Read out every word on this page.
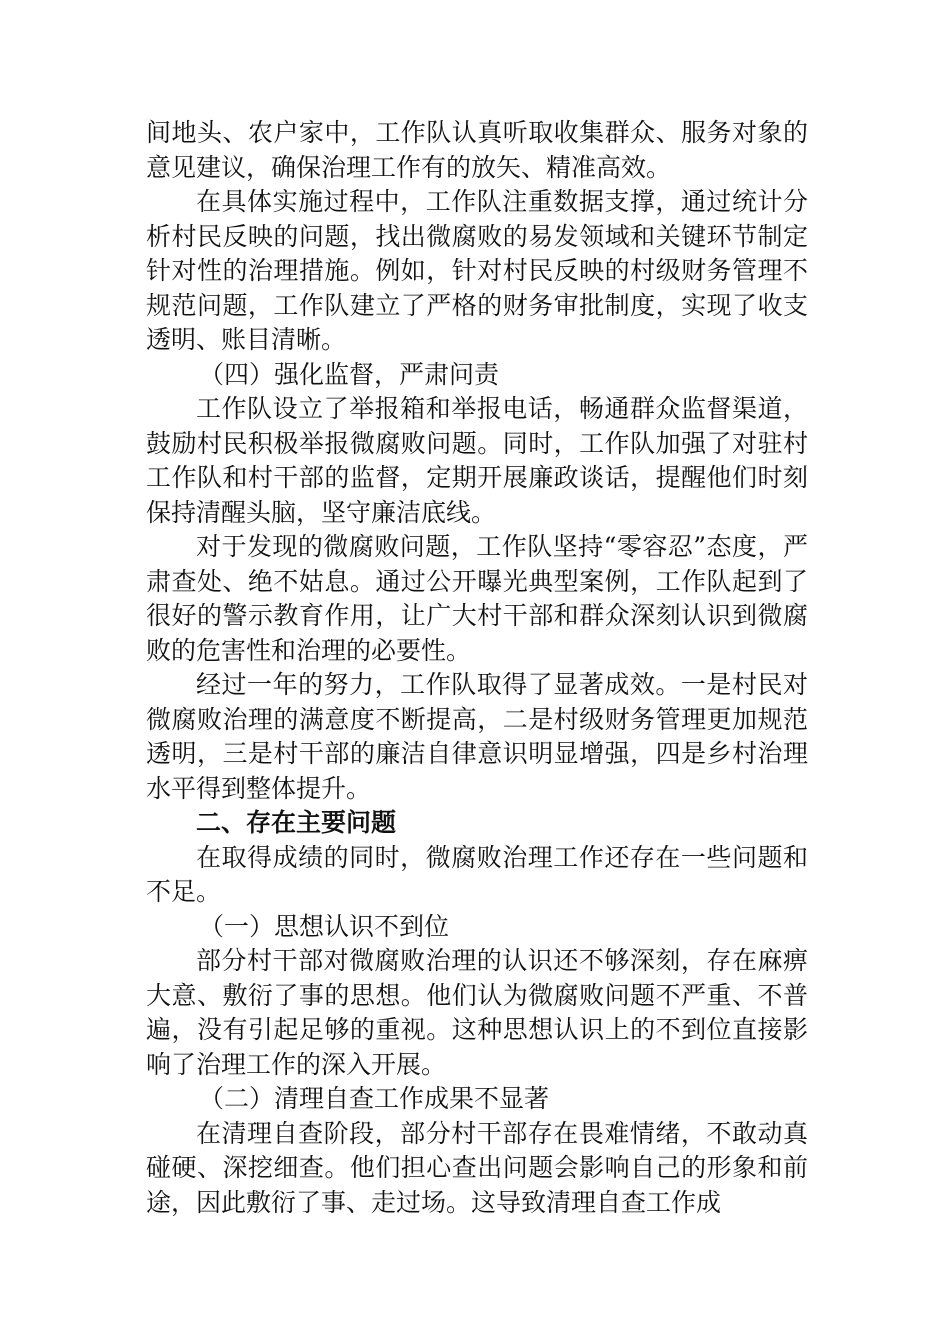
间地头、农户家中，工作队认真听取收集群众、服务对象的意见建议，确保治理工作有的放矢、精准高效。

在具体实施过程中，工作队注重数据支撑，通过统计分析村民反映的问题，找出微腐败的易发领域和关键环节制定针对性的治理措施。例如，针对村民反映的村级财务管理不规范问题，工作队建立了严格的财务审批制度，实现了收支透明、账目清晰。

（四）强化监督，严肃问责

工作队设立了举报箱和举报电话，畅通群众监督渠道，鼓励村民积极举报微腐败问题。同时，工作队加强了对驻村工作队和村干部的监督，定期开展廉政谈话，提醒他们时刻保持清醒头脑，坚守廉洁底线。

对于发现的微腐败问题，工作队坚持“零容忍”态度，严肃查处、绝不姑息。通过公开曝光典型案例，工作队起到了很好的警示教育作用，让广大村干部和群众深刻认识到微腐败的危害性和治理的必要性。

经过一年的努力，工作队取得了显著成效。一是村民对微腐败治理的满意度不断提高，二是村级财务管理更加规范透明，三是村干部的廉洁自律意识明显增强，四是乡村治理水平得到整体提升。

二、存在主要问题

在取得成绩的同时，微腐败治理工作还存在一些问题和不足。

（一）思想认识不到位

部分村干部对微腐败治理的认识还不够深刻，存在麻痹大意、敷衍了事的思想。他们认为微腐败问题不严重、不普遍，没有引起足够的重视。这种思想认识上的不到位直接影响了治理工作的深入开展。

（二）清理自查工作成果不显著

在清理自查阶段，部分村干部存在畏难情绪，不敢动真碰硬、深挖细查。他们担心查出问题会影响自己的形象和前途，因此敷衍了事、走过场。这导致清理自查工作成
